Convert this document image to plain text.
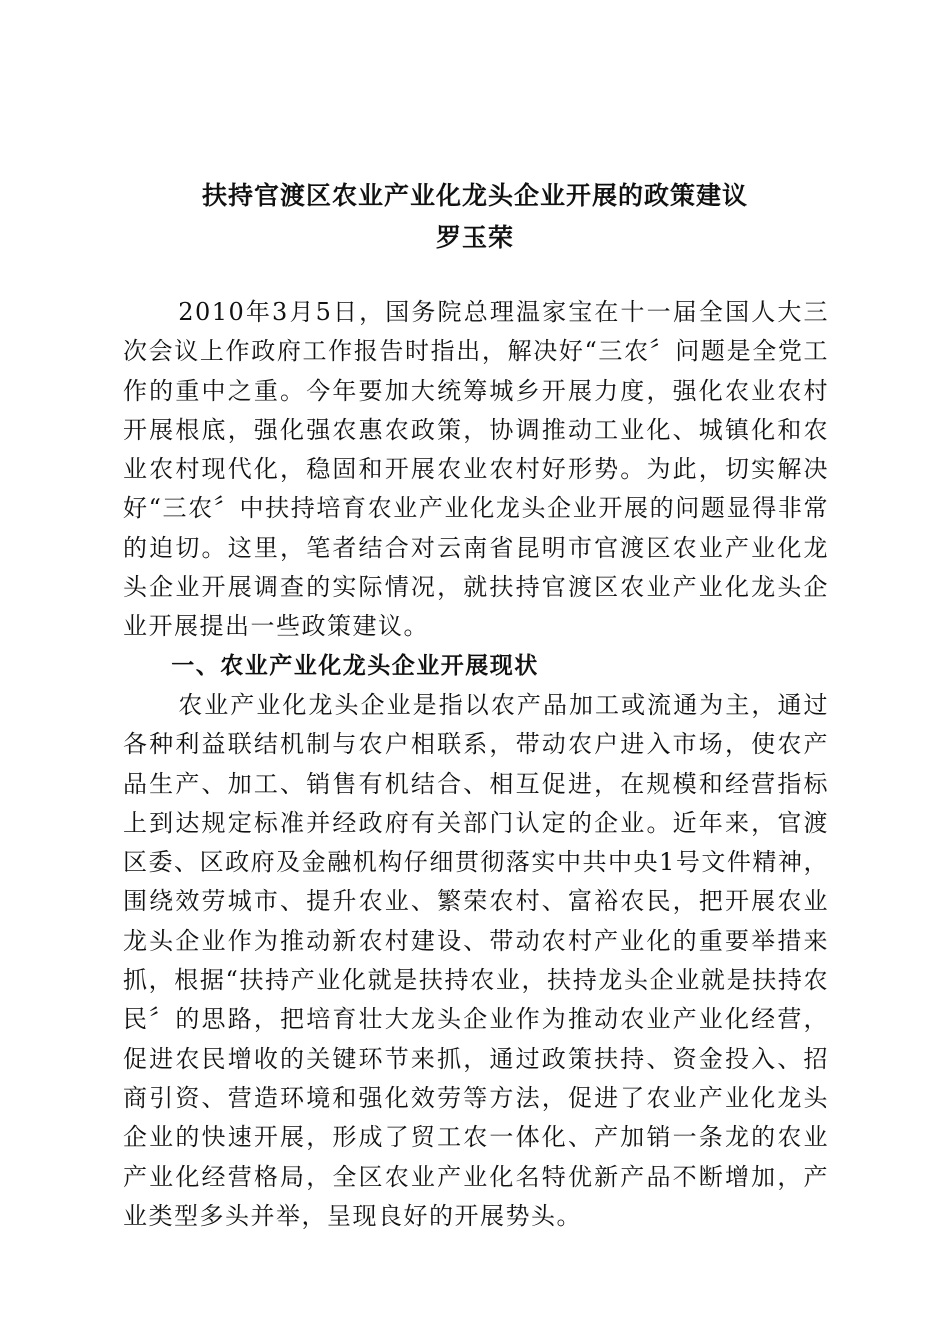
扶持官渡区农业产业化龙头企业开展的政策建议
罗玉荣

2010年3月5日，国务院总理温家宝在十一届全国人大三次会议上作政府工作报告时指出，解决好“三农〞问题是全党工作的重中之重。今年要加大统筹城乡开展力度，强化农业农村开展根底，强化强农惠农政策，协调推动工业化、城镇化和农业农村现代化，稳固和开展农业农村好形势。为此，切实解决好“三农〞中扶持培育农业产业化龙头企业开展的问题显得非常的迫切。这里，笔者结合对云南省昆明市官渡区农业产业化龙头企业开展调查的实际情况，就扶持官渡区农业产业化龙头企业开展提出一些政策建议。

一、农业产业化龙头企业开展现状

农业产业化龙头企业是指以农产品加工或流通为主，通过各种利益联结机制与农户相联系，带动农户进入市场，使农产品生产、加工、销售有机结合、相互促进，在规模和经营指标上到达规定标准并经政府有关部门认定的企业。近年来，官渡区委、区政府及金融机构仔细贯彻落实中共中央1号文件精神，围绕效劳城市、提升农业、繁荣农村、富裕农民，把开展农业龙头企业作为推动新农村建设、带动农村产业化的重要举措来抓，根据“扶持产业化就是扶持农业，扶持龙头企业就是扶持农民〞的思路，把培育壮大龙头企业作为推动农业产业化经营，促进农民增收的关键环节来抓，通过政策扶持、资金投入、招商引资、营造环境和强化效劳等方法，促进了农业产业化龙头企业的快速开展，形成了贸工农一体化、产加销一条龙的农业产业化经营格局，全区农业产业化名特优新产品不断增加，产业类型多头并举，呈现良好的开展势头。
